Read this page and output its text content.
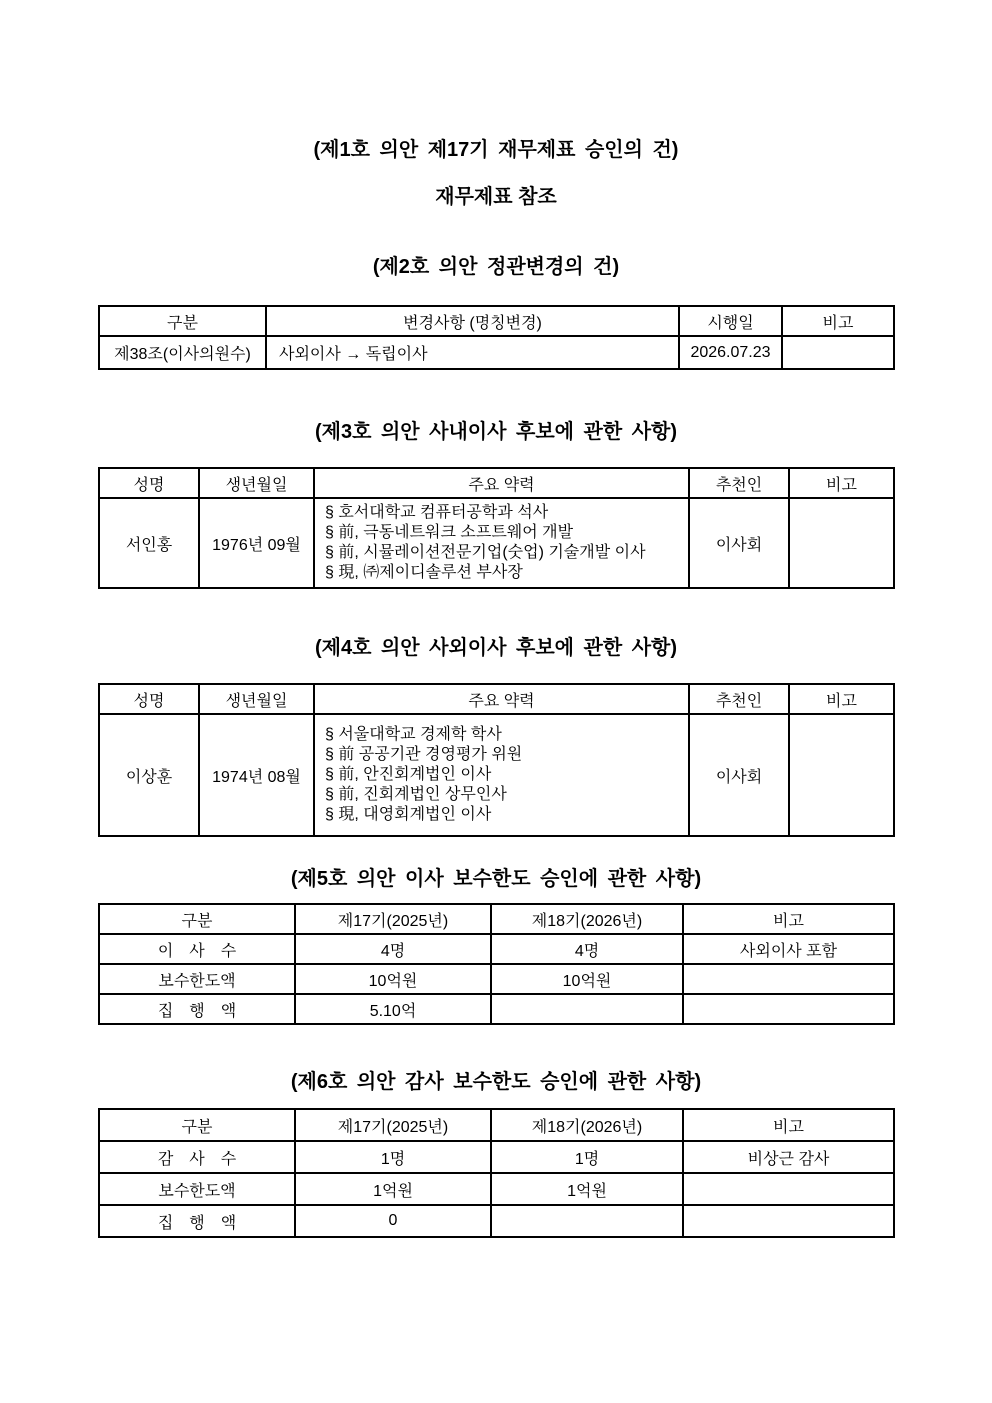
(제1호 의안 제17기 재무제표 승인의 건)
재무제표 참조
(제2호 의안 정관변경의 건)
구분	변경사항 (명칭변경)	시행일	비고
제38조(이사의원수)	사외이사 → 독립이사	2026.07.23	
(제3호 의안 사내이사 후보에 관한 사항)
성명	생년월일	주요 약력	추천인	비고
서인홍	1976년 09월	§ 호서대학교 컴퓨터공학과 석사
§ 前, 극동네트워크 소프트웨어 개발
§ 前, 시뮬레이션전문기업(숫업) 기술개발 이사
§ 現, ㈜제이디솔루션 부사장	이사회	
(제4호 의안 사외이사 후보에 관한 사항)
성명	생년월일	주요 약력	추천인	비고
이상훈	1974년 08월	§ 서울대학교 경제학 학사
§ 前 공공기관 경영평가 위원
§ 前, 안진회계법인 이사
§ 前, 진회계법인 상무인사
§ 現, 대영회계법인 이사	이사회	
(제5호 의안 이사 보수한도 승인에 관한 사항)
구분	제17기(2025년)	제18기(2026년)	비고
이　사　수	4명	4명	사외이사 포함
보수한도액	10억원	10억원	
집　행　액	5.10억		
(제6호 의안 감사 보수한도 승인에 관한 사항)
구분	제17기(2025년)	제18기(2026년)	비고
감　사　수	1명	1명	비상근 감사
보수한도액	1억원	1억원	
집　행　액	0		
